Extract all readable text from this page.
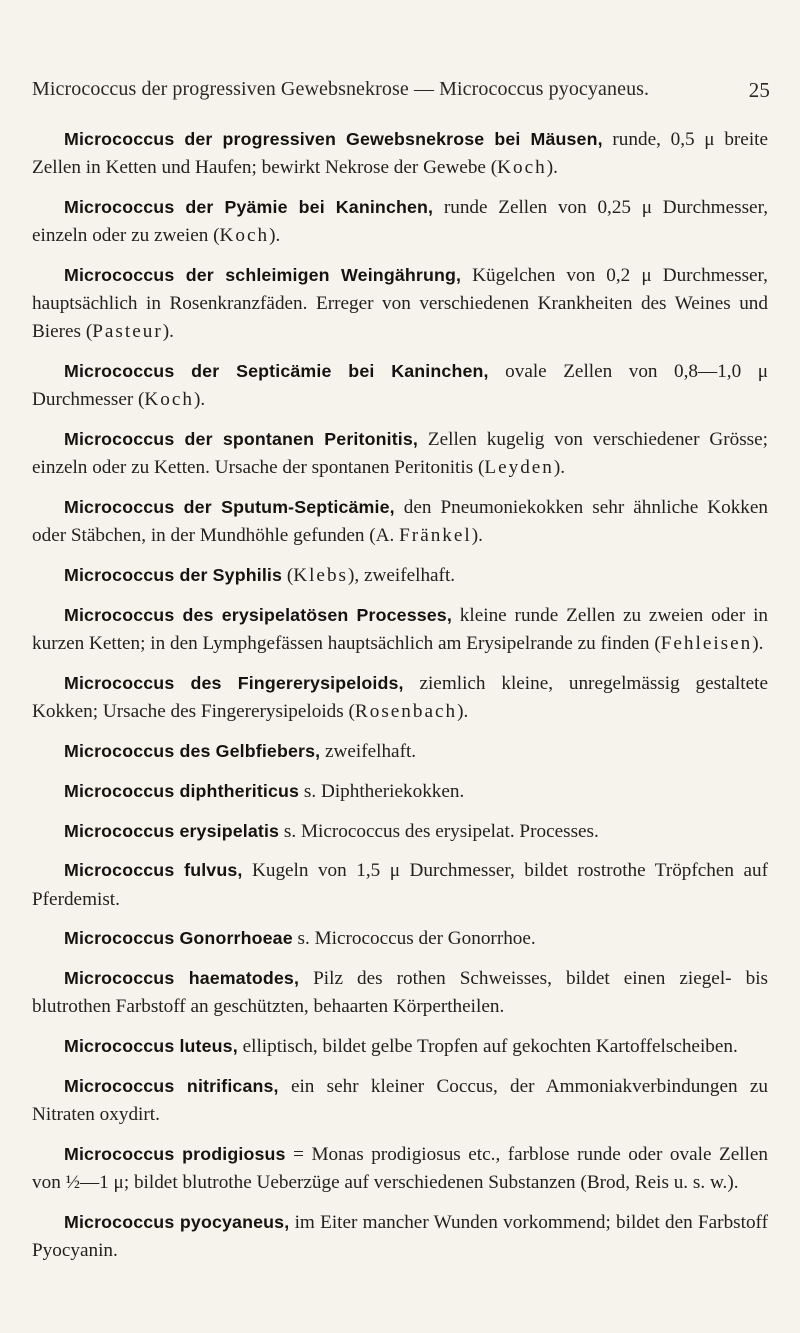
Micrococcus der progressiven Gewebsnekrose — Micrococcus pyocyaneus.	25

Micrococcus der progressiven Gewebsnekrose bei Mäusen, runde, 0,5 μ breite Zellen in Ketten und Haufen; bewirkt Nekrose der Gewebe (Koch).

Micrococcus der Pyämie bei Kaninchen, runde Zellen von 0,25 μ Durchmesser, einzeln oder zu zweien (Koch).

Micrococcus der schleimigen Weingährung, Kügelchen von 0,2 μ Durchmesser, hauptsächlich in Rosenkranzfäden. Erreger von verschiedenen Krankheiten des Weines und Bieres (Pasteur).

Micrococcus der Septicämie bei Kaninchen, ovale Zellen von 0,8—1,0 μ Durchmesser (Koch).

Micrococcus der spontanen Peritonitis, Zellen kugelig von verschiedener Grösse; einzeln oder zu Ketten. Ursache der spontanen Peritonitis (Leyden).

Micrococcus der Sputum-Septicämie, den Pneumoniekokken sehr ähnliche Kokken oder Stäbchen, in der Mundhöhle gefunden (A. Fränkel).

Micrococcus der Syphilis (Klebs), zweifelhaft.

Micrococcus des erysipelatösen Processes, kleine runde Zellen zu zweien oder in kurzen Ketten; in den Lymphgefässen hauptsächlich am Erysipelrande zu finden (Fehleisen).

Micrococcus des Fingererysipeloids, ziemlich kleine, unregelmässig gestaltete Kokken; Ursache des Fingererysipeloids (Rosenbach).

Micrococcus des Gelbfiebers, zweifelhaft.

Micrococcus diphtheriticus s. Diphtheriekokken.

Micrococcus erysipelatis s. Micrococcus des erysipelat. Processes.

Micrococcus fulvus, Kugeln von 1,5 μ Durchmesser, bildet rostrothe Tröpfchen auf Pferdemist.

Micrococcus Gonorrhoeae s. Micrococcus der Gonorrhoe.

Micrococcus haematodes, Pilz des rothen Schweisses, bildet einen ziegel- bis blutrothen Farbstoff an geschützten, behaarten Körpertheilen.

Micrococcus luteus, elliptisch, bildet gelbe Tropfen auf gekochten Kartoffelscheiben.

Micrococcus nitrificans, ein sehr kleiner Coccus, der Ammoniakverbindungen zu Nitraten oxydirt.

Micrococcus prodigiosus = Monas prodigiosus etc., farblose runde oder ovale Zellen von ½—1 μ; bildet blutrothe Ueberzüge auf verschiedenen Substanzen (Brod, Reis u. s. w.).

Micrococcus pyocyaneus, im Eiter mancher Wunden vorkommend; bildet den Farbstoff Pyocyanin.
